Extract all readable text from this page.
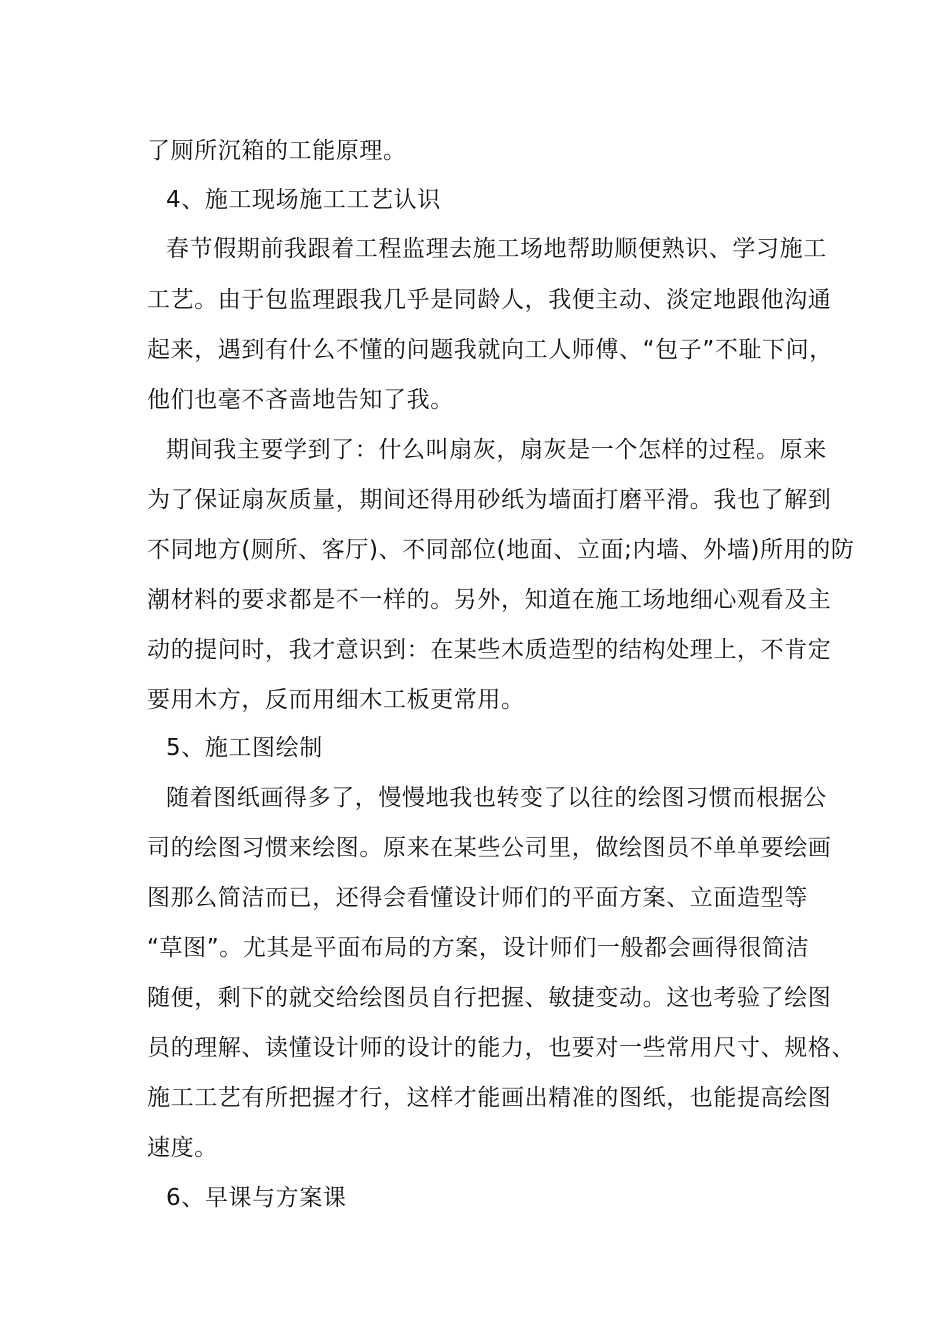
了厕所沉箱的工能原理。
4、施工现场施工工艺认识
春节假期前我跟着工程监理去施工场地帮助顺便熟识、学习施工
工艺。由于包监理跟我几乎是同龄人，我便主动、淡定地跟他沟通
起来，遇到有什么不懂的问题我就向工人师傅、“包子”不耻下问，
他们也毫不吝啬地告知了我。
期间我主要学到了：什么叫扇灰，扇灰是一个怎样的过程。原来
为了保证扇灰质量，期间还得用砂纸为墙面打磨平滑。我也了解到
不同地方(厕所、客厅)、不同部位(地面、立面;内墙、外墙)所用的防
潮材料的要求都是不一样的。另外，知道在施工场地细心观看及主
动的提问时，我才意识到：在某些木质造型的结构处理上，不肯定
要用木方，反而用细木工板更常用。
5、施工图绘制
随着图纸画得多了，慢慢地我也转变了以往的绘图习惯而根据公
司的绘图习惯来绘图。原来在某些公司里，做绘图员不单单要绘画
图那么简洁而已，还得会看懂设计师们的平面方案、立面造型等
“草图”。尤其是平面布局的方案，设计师们一般都会画得很简洁
随便，剩下的就交给绘图员自行把握、敏捷变动。这也考验了绘图
员的理解、读懂设计师的设计的能力，也要对一些常用尺寸、规格、
施工工艺有所把握才行，这样才能画出精准的图纸，也能提高绘图
速度。
6、早课与方案课
